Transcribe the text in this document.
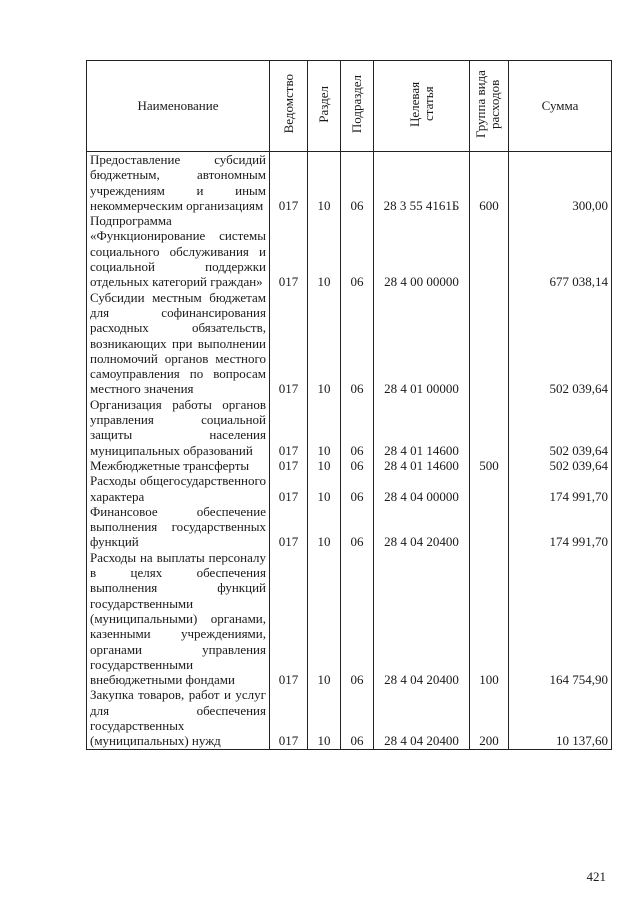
Наименование	Ведомство	Раздел	Подраздел	Целевая статья	Группа вида расходов	Сумма
Предоставление субсидий бюджетным, автономным учреждениям и иным некоммерческим организациям	017	10	06	28 3 55 4161Б	600	300,00
Подпрограмма «Функционирование системы социального обслуживания и социальной поддержки отдельных категорий граждан»	017	10	06	28 4 00 00000		677 038,14
Субсидии местным бюджетам для софинансирования расходных обязательств, возникающих при выполнении полномочий органов местного самоуправления по вопросам местного значения	017	10	06	28 4 01 00000		502 039,64
Организация работы органов управления социальной защиты населения муниципальных образований	017	10	06	28 4 01 14600		502 039,64
Межбюджетные трансферты	017	10	06	28 4 01 14600	500	502 039,64
Расходы общегосударственного характера	017	10	06	28 4 04 00000		174 991,70
Финансовое обеспечение выполнения государственных функций	017	10	06	28 4 04 20400		174 991,70
Расходы на выплаты персоналу в целях обеспечения выполнения функций государственными (муниципальными) органами, казенными учреждениями, органами управления государственными внебюджетными фондами	017	10	06	28 4 04 20400	100	164 754,90
Закупка товаров, работ и услуг для обеспечения государственных (муниципальных) нужд	017	10	06	28 4 04 20400	200	10 137,60
421
